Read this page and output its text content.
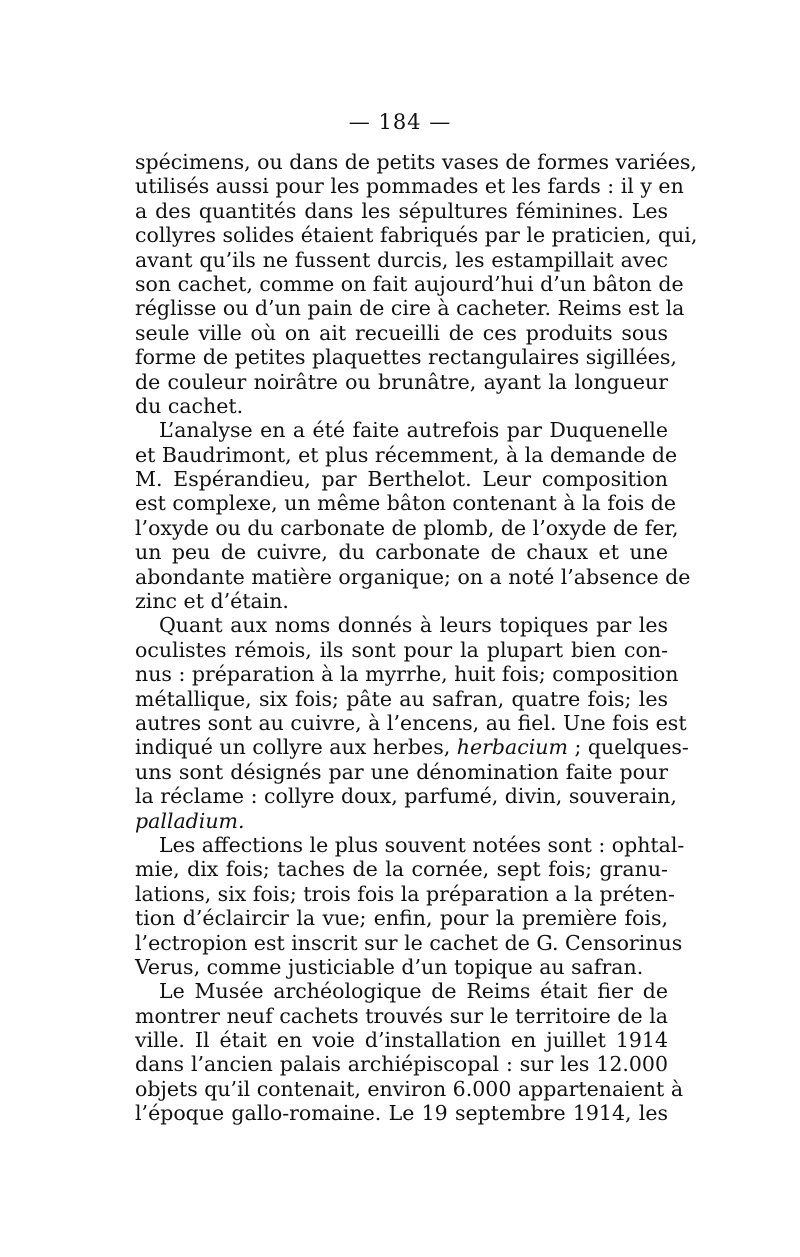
— 184 —
spécimens, ou dans de petits vases de formes variées,
utilisés aussi pour les pommades et les fards : il y en
a des quantités dans les sépultures féminines. Les
collyres solides étaient fabriqués par le praticien, qui,
avant qu’ils ne fussent durcis, les estampillait avec
son cachet, comme on fait aujourd’hui d’un bâton de
réglisse ou d’un pain de cire à cacheter. Reims est la
seule ville où on ait recueilli de ces produits sous
forme de petites plaquettes rectangulaires sigillées,
de couleur noirâtre ou brunâtre, ayant la longueur
du cachet.
L’analyse en a été faite autrefois par Duquenelle
et Baudrimont, et plus récemment, à la demande de
M. Espérandieu, par Berthelot. Leur composition
est complexe, un même bâton contenant à la fois de
l’oxyde ou du carbonate de plomb, de l’oxyde de fer,
un peu de cuivre, du carbonate de chaux et une
abondante matière organique; on a noté l’absence de
zinc et d’étain.
Quant aux noms donnés à leurs topiques par les
oculistes rémois, ils sont pour la plupart bien con-
nus : préparation à la myrrhe, huit fois; composition
métallique, six fois; pâte au safran, quatre fois; les
autres sont au cuivre, à l’encens, au fiel. Une fois est
indiqué un collyre aux herbes, herbacium ; quelques-
uns sont désignés par une dénomination faite pour
la réclame : collyre doux, parfumé, divin, souverain,
palladium.
Les affections le plus souvent notées sont : ophtal-
mie, dix fois; taches de la cornée, sept fois; granu-
lations, six fois; trois fois la préparation a la préten-
tion d’éclaircir la vue; enfin, pour la première fois,
l’ectropion est inscrit sur le cachet de G. Censorinus
Verus, comme justiciable d’un topique au safran.
Le Musée archéologique de Reims était fier de
montrer neuf cachets trouvés sur le territoire de la
ville. Il était en voie d’installation en juillet 1914
dans l’ancien palais archiépiscopal : sur les 12.000
objets qu’il contenait, environ 6.000 appartenaient à
l’époque gallo-romaine. Le 19 septembre 1914, les
